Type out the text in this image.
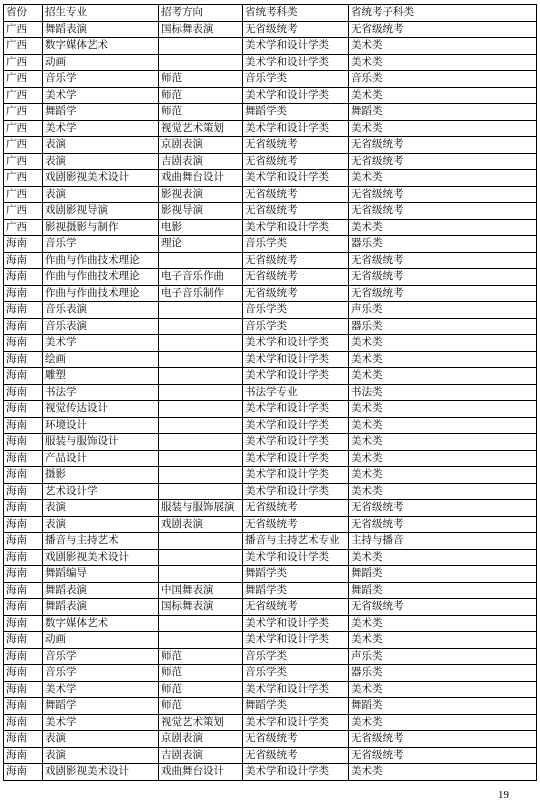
省份	招生专业	招考方向	省统考科类	省统考子科类
广西	舞蹈表演	国标舞表演	无省级统考	无省级统考
广西	数字媒体艺术		美术学和设计学类	美术类
广西	动画		美术学和设计学类	美术类
广西	音乐学	师范	音乐学类	音乐类
广西	美术学	师范	美术学和设计学类	美术类
广西	舞蹈学	师范	舞蹈学类	舞蹈类
广西	美术学	视觉艺术策划	美术学和设计学类	美术类
广西	表演	京剧表演	无省级统考	无省级统考
广西	表演	吉剧表演	无省级统考	无省级统考
广西	戏剧影视美术设计	戏曲舞台设计	美术学和设计学类	美术类
广西	表演	影视表演	无省级统考	无省级统考
广西	戏剧影视导演	影视导演	无省级统考	无省级统考
广西	影视摄影与制作	电影	美术学和设计学类	美术类
海南	音乐学	理论	音乐学类	器乐类
海南	作曲与作曲技术理论		无省级统考	无省级统考
海南	作曲与作曲技术理论	电子音乐作曲	无省级统考	无省级统考
海南	作曲与作曲技术理论	电子音乐制作	无省级统考	无省级统考
海南	音乐表演		音乐学类	声乐类
海南	音乐表演		音乐学类	器乐类
海南	美术学		美术学和设计学类	美术类
海南	绘画		美术学和设计学类	美术类
海南	雕塑		美术学和设计学类	美术类
海南	书法学		书法学专业	书法类
海南	视觉传达设计		美术学和设计学类	美术类
海南	环境设计		美术学和设计学类	美术类
海南	服装与服饰设计		美术学和设计学类	美术类
海南	产品设计		美术学和设计学类	美术类
海南	摄影		美术学和设计学类	美术类
海南	艺术设计学		美术学和设计学类	美术类
海南	表演	服装与服饰展演	无省级统考	无省级统考
海南	表演	戏剧表演	无省级统考	无省级统考
海南	播音与主持艺术		播音与主持艺术专业	主持与播音
海南	戏剧影视美术设计		美术学和设计学类	美术类
海南	舞蹈编导		舞蹈学类	舞蹈类
海南	舞蹈表演	中国舞表演	舞蹈学类	舞蹈类
海南	舞蹈表演	国标舞表演	无省级统考	无省级统考
海南	数字媒体艺术		美术学和设计学类	美术类
海南	动画		美术学和设计学类	美术类
海南	音乐学	师范	音乐学类	声乐类
海南	音乐学	师范	音乐学类	器乐类
海南	美术学	师范	美术学和设计学类	美术类
海南	舞蹈学	师范	舞蹈学类	舞蹈类
海南	美术学	视觉艺术策划	美术学和设计学类	美术类
海南	表演	京剧表演	无省级统考	无省级统考
海南	表演	吉剧表演	无省级统考	无省级统考
海南	戏剧影视美术设计	戏曲舞台设计	美术学和设计学类	美术类
19
